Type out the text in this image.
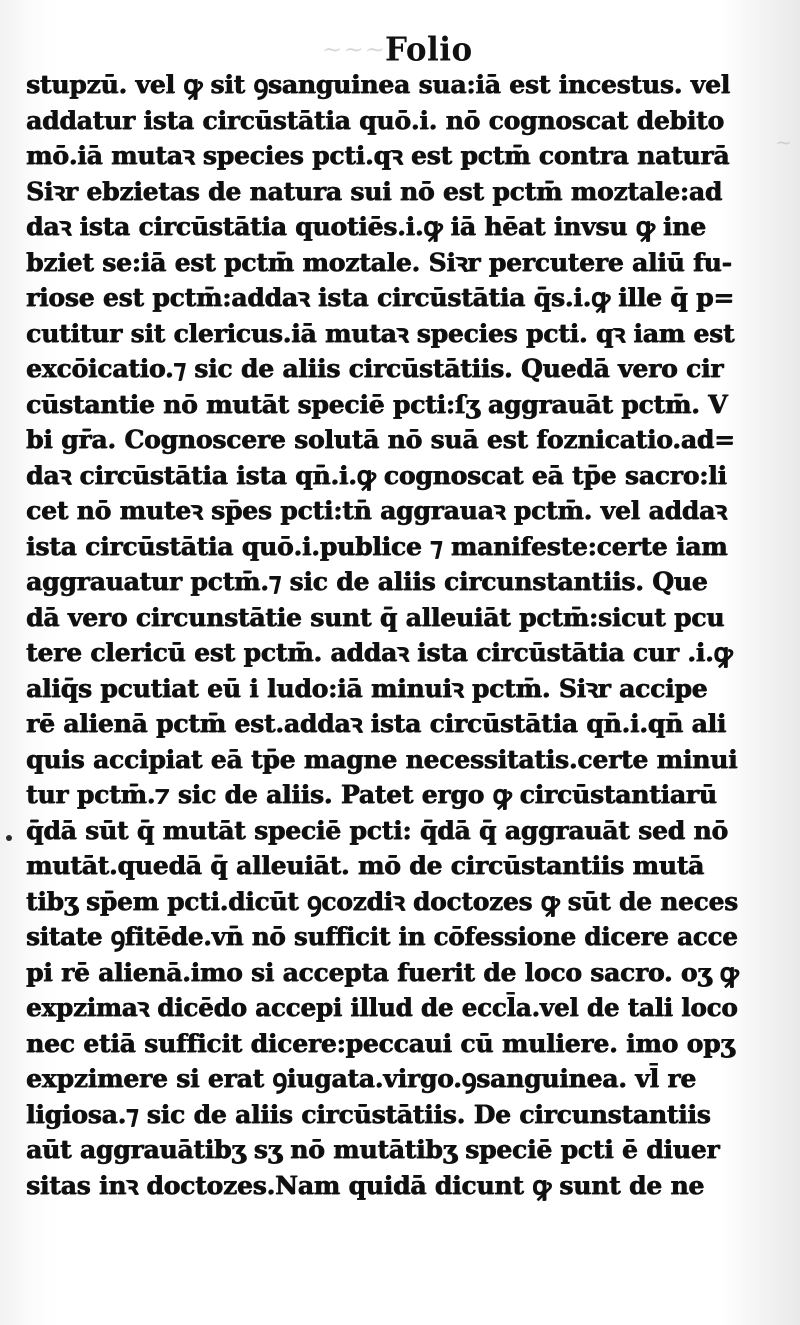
~~~
~
Folio
stupzū. vel ꝙ sit ꝯsanguinea sua:iā est incestus. vel
addatur ista circūstātia quō.i. nō cognoscat debito
mō.iā mutaꝛ species pcti.qꝛ est pctm̄ contra naturā
Siꝛr ebzietas de natura sui nō est pctm̄ moztale:ad
daꝛ ista circūstātia quotiēs.i.ꝙ iā hēat invsu ꝙ ine
bziet se:iā est pctm̄ moztale. Siꝛr percutere aliū fu-
riose est pctm̄:addaꝛ ista circūstātia q̄s.i.ꝙ ille q̄ p=
cutitur sit clericus.iā mutaꝛ species pcti. qꝛ iam est
excōicatio.⁊ sic de aliis circūstātiis. Quedā vero cir
cūstantie nō mutāt speciē pcti:ſʒ aggrauāt pctm̄. V
bi gr̄a. Cognoscere solutā nō suā est foznicatio.ad=
daꝛ circūstātia ista qn̄.i.ꝙ cognoscat eā tp̄e sacro:li
cet nō muteꝛ sp̄es pcti:tn̄ aggrauaꝛ pctm̄. vel addaꝛ
ista circūstātia quō.i.publice ⁊ manifeste:certe iam
aggrauatur pctm̄.⁊ sic de aliis circunstantiis. Que
dā vero circunstātie sunt q̄ alleuiāt pctm̄:sicut pcu
tere clericū est pctm̄. addaꝛ ista circūstātia cur .i.ꝙ
aliq̄s pcutiat eū i ludo:iā minuiꝛ pctm̄. Siꝛr accipe
rē alienā pctm̄ est.addaꝛ ista circūstātia qn̄.i.qn̄ ali
quis accipiat eā tp̄e magne necessitatis.certe minui
tur pctm̄.⁊ sic de aliis. Patet ergo ꝙ circūstantiarū
q̄dā sūt q̄ mutāt speciē pcti: q̄dā q̄ aggrauāt sed nō
mutāt.quedā q̄ alleuiāt. mō de circūstantiis mutā
tibʒ sp̄em pcti.dicūt ꝯcozdiꝛ doctozes ꝙ sūt de neces
sitate ꝯfitēde.vn̄ nō sufficit in cōfessione dicere acce
pi rē alienā.imo si accepta fuerit de loco sacro. oʒ ꝙ
expzimaꝛ dicēdo accepi illud de eccl̄a.vel de tali loco
nec etiā sufficit dicere:peccaui cū muliere. imo opʒ
expzimere si erat ꝯiugata.virgo.ꝯsanguinea. vl̄ re
ligiosa.⁊ sic de aliis circūstātiis. De circunstantiis
aūt aggrauātibʒ sʒ nō mutātibʒ speciē pcti ē diuer
sitas inꝛ doctozes.Nam quidā dicunt ꝙ sunt de ne
